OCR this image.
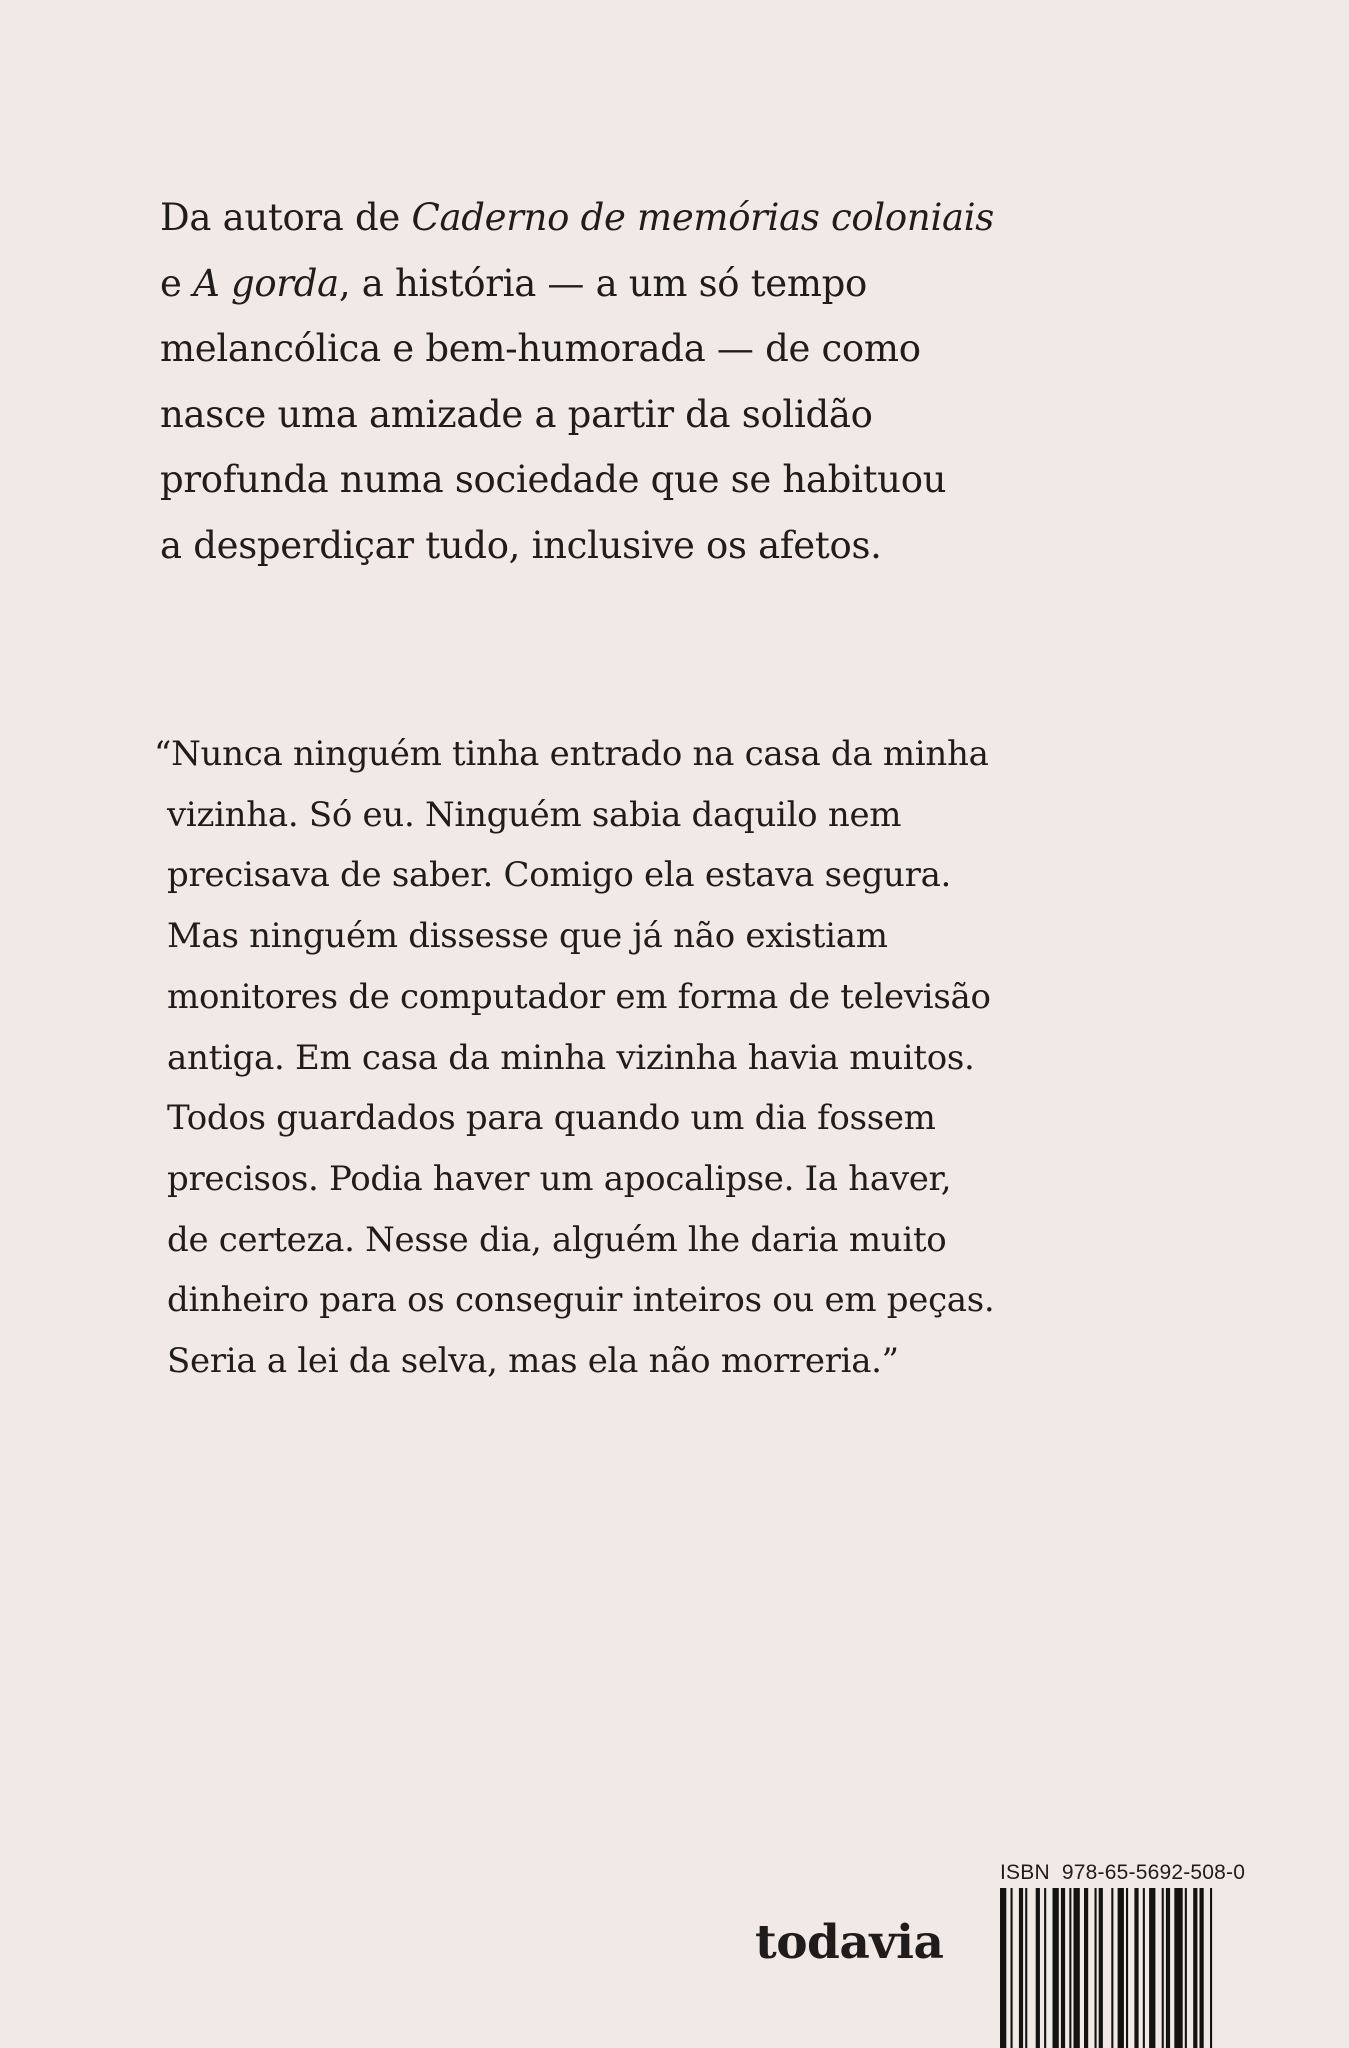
Da autora de Caderno de memórias coloniais
e A gorda, a história — a um só tempo
melancólica e bem-humorada — de como
nasce uma amizade a partir da solidão
profunda numa sociedade que se habituou
a desperdiçar tudo, inclusive os afetos.
“Nunca ninguém tinha entrado na casa da minha
vizinha. Só eu. Ninguém sabia daquilo nem
precisava de saber. Comigo ela estava segura.
Mas ninguém dissesse que já não existiam
monitores de computador em forma de televisão
antiga. Em casa da minha vizinha havia muitos.
Todos guardados para quando um dia fossem
precisos. Podia haver um apocalipse. Ia haver,
de certeza. Nesse dia, alguém lhe daria muito
dinheiro para os conseguir inteiros ou em peças.
Seria a lei da selva, mas ela não morreria.”
todavia
ISBN 978-65-5692-508-0
